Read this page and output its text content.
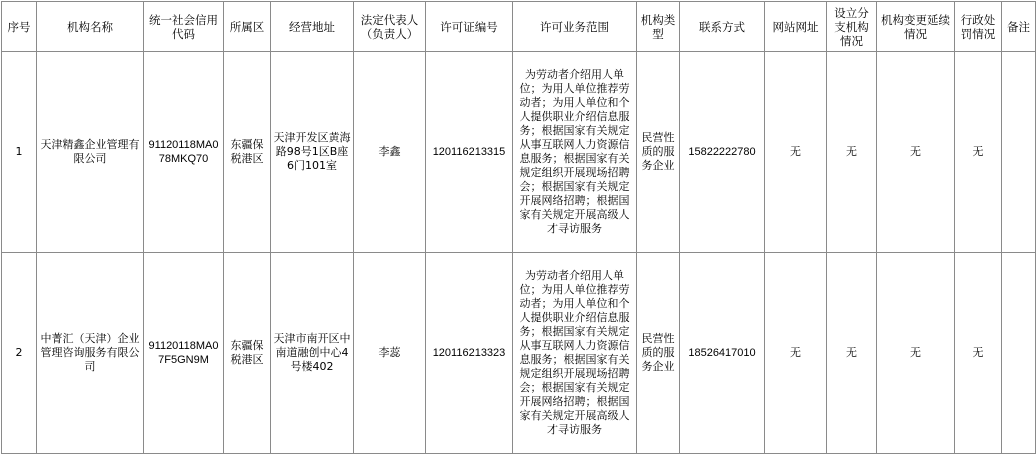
序号	机构名称	统一社会信用代码	所属区	经营地址	法定代表人（负责人）	许可证编号	许可业务范围	机构类型	联系方式	网站网址	设立分支机构情况	机构变更延续情况	行政处罚情况	备注
1	天津精鑫企业管理有限公司	91120118MA078MKQ70	东疆保税港区	天津开发区黄海路98号1区B座6门101室	李鑫	120116213315	为劳动者介绍用人单位；为用人单位推荐劳动者；为用人单位和个人提供职业介绍信息服务；根据国家有关规定从事互联网人力资源信息服务；根据国家有关规定组织开展现场招聘会；根据国家有关规定开展网络招聘；根据国家有关规定开展高级人才寻访服务	民营性质的服务企业	15822222780	无	无	无	无	
2	中菁汇（天津）企业管理咨询服务有限公司	91120118MA07F5GN9M	东疆保税港区	天津市南开区中南道融创中心4号楼402	李蕊	120116213323	为劳动者介绍用人单位；为用人单位推荐劳动者；为用人单位和个人提供职业介绍信息服务；根据国家有关规定从事互联网人力资源信息服务；根据国家有关规定组织开展现场招聘会；根据国家有关规定开展网络招聘；根据国家有关规定开展高级人才寻访服务	民营性质的服务企业	18526417010	无	无	无	无	
